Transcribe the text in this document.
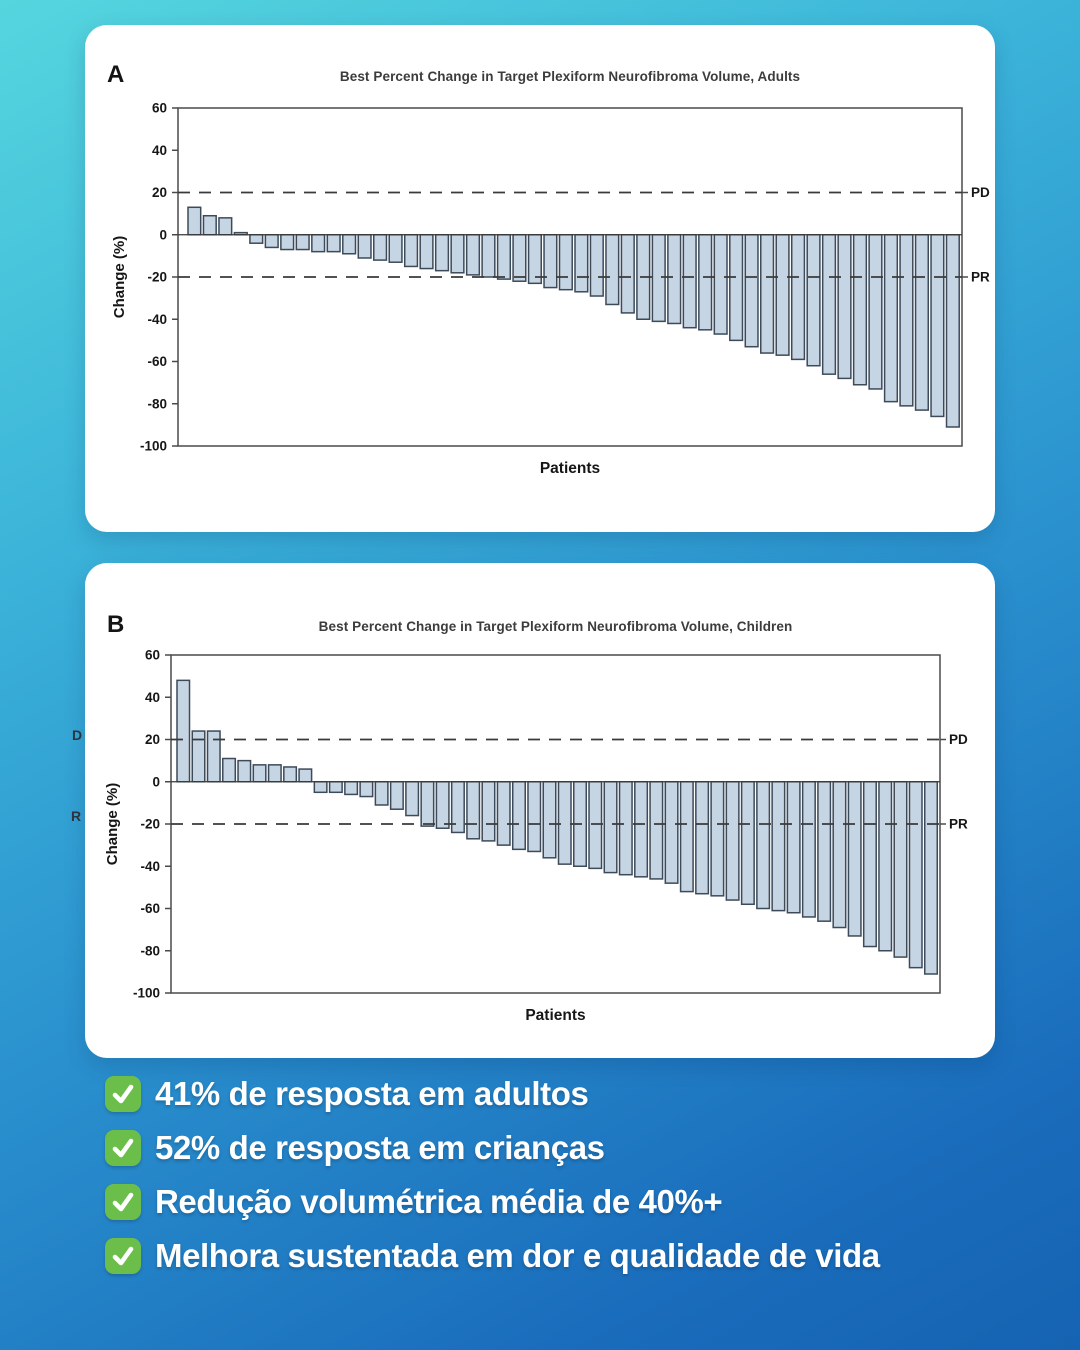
D
R
A	Best Percent Change in Target Plexiform Neurofibroma Volume, Adults
60
40
20
0
-20
-40
-60
-80
-100
PD
PR
Change (%)
Patients
B	Best Percent Change in Target Plexiform Neurofibroma Volume, Children
60
40
20
0
-20
-40
-60
-80
-100
PD
PR
Change (%)
Patients
41% de resposta em adultos
52% de resposta em crianças
Redução volumétrica média de 40%+
Melhora sustentada em dor e qualidade de vida
